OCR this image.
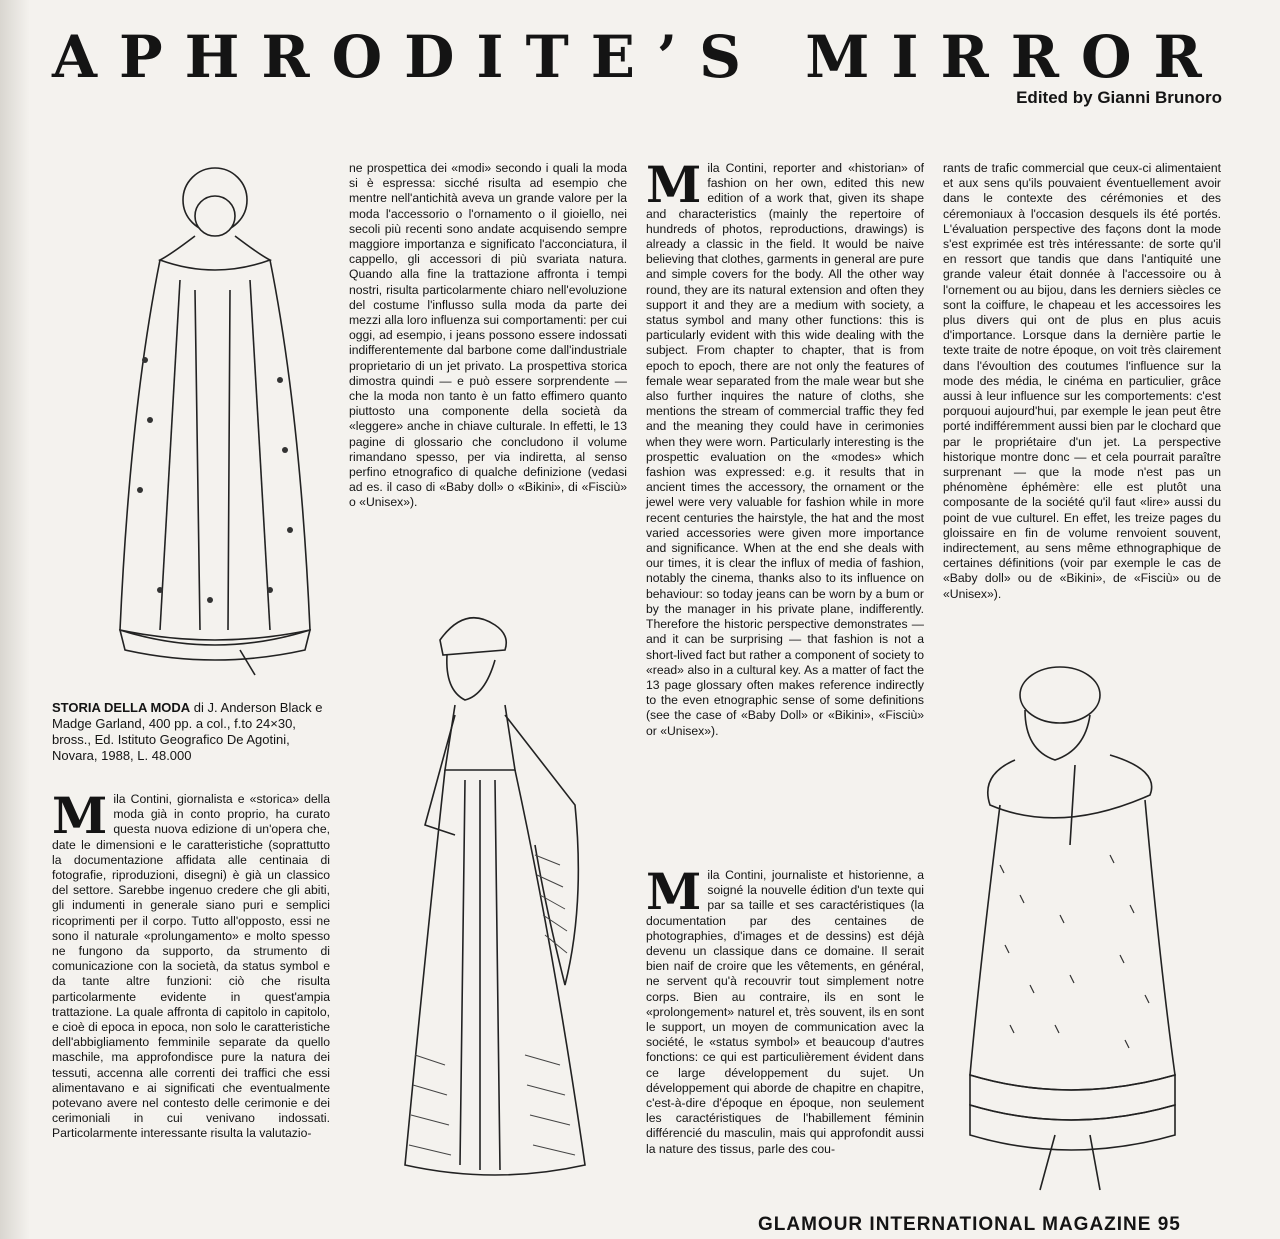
APHRODITE’S MIRROR
Edited by Gianni Brunoro
STORIA DELLA MODA di J. Anderson Black e Madge Garland, 400 pp. a col., f.to 24×30, bross., Ed. Istituto Geografico De Agotini, Novara, 1988, L. 48.000
M ila Contini, giornalista e «storica» della moda già in conto proprio, ha curato questa nuova edizione di un'opera che, date le dimensioni e le caratteristiche (soprattutto la documentazione affidata alle centinaia di fotografie, riproduzioni, disegni) è già un classico del settore. Sarebbe ingenuo credere che gli abiti, gli indumenti in generale siano puri e semplici ricoprimenti per il corpo. Tutto all'opposto, essi ne sono il naturale «prolungamento» e molto spesso ne fungono da supporto, da strumento di comunicazione con la società, da status symbol e da tante altre funzioni: ciò che risulta particolarmente evidente in quest'ampia trattazione. La quale affronta di capitolo in capitolo, e cioè di epoca in epoca, non solo le caratteristiche dell'abbigliamento femminile separate da quello maschile, ma approfondisce pure la natura dei tessuti, accenna alle correnti dei traffici che essi alimentavano e ai significati che eventualmente potevano avere nel contesto delle cerimonie e dei cerimoniali in cui venivano indossati. Particolarmente interessante risulta la valutazio-

ne prospettica dei «modi» secondo i quali la moda si è espressa: sicché risulta ad esempio che mentre nell'antichità aveva un grande valore per la moda l'accessorio o l'ornamento o il gioiello, nei secoli più recenti sono andate acquisendo sempre maggiore importanza e significato l'acconciatura, il cappello, gli accessori di più svariata natura. Quando alla fine la trattazione affronta i tempi nostri, risulta particolarmente chiaro nell'evoluzione del costume l'influsso sulla moda da parte dei mezzi alla loro influenza sui comportamenti: per cui oggi, ad esempio, i jeans possono essere indossati indifferentemente dal barbone come dall'industriale proprietario di un jet privato. La prospettiva storica dimostra quindi — e può essere sorprendente — che la moda non tanto è un fatto effimero quanto piuttosto una componente della società da «leggere» anche in chiave culturale. In effetti, le 13 pagine di glossario che concludono il volume rimandano spesso, per via indiretta, al senso perfino etnografico di qualche definizione (vedasi ad es. il caso di «Baby doll» o «Bikini», di «Fisciù» o «Unisex»).

M ila Contini, reporter and «historian» of fashion on her own, edited this new edition of a work that, given its shape and characteristics (mainly the repertoire of hundreds of photos, reproductions, drawings) is already a classic in the field. It would be naive believing that clothes, garments in general are pure and simple covers for the body. All the other way round, they are its natural extension and often they support it and they are a medium with society, a status symbol and many other functions: this is particularly evident with this wide dealing with the subject. From chapter to chapter, that is from epoch to epoch, there are not only the features of female wear separated from the male wear but she also further inquires the nature of cloths, she mentions the stream of commercial traffic they fed and the meaning they could have in cerimonies when they were worn. Particularly interesting is the prospettic evaluation on the «modes» which fashion was expressed: e.g. it results that in ancient times the accessory, the ornament or the jewel were very valuable for fashion while in more recent centuries the hairstyle, the hat and the most varied accessories were given more importance and significance. When at the end she deals with our times, it is clear the influx of media of fashion, notably the cinema, thanks also to its influence on behaviour: so today jeans can be worn by a bum or by the manager in his private plane, indifferently. Therefore the historic perspective demonstrates — and it can be surprising — that fashion is not a short-lived fact but rather a component of society to «read» also in a cultural key. As a matter of fact the 13 page glossary often makes reference indirectly to the even etnographic sense of some definitions (see the case of «Baby Doll» or «Bikini», «Fisciù» or «Unisex»).

M ila Contini, journaliste et historienne, a soigné la nouvelle édition d'un texte qui par sa taille et ses caractéristiques (la documentation par des centaines de photographies, d'images et de dessins) est déjà devenu un classique dans ce domaine. Il serait bien naif de croire que les vêtements, en général, ne servent qu'à recouvrir tout simplement notre corps. Bien au contraire, ils en sont le «prolongement» naturel et, très souvent, ils en sont le support, un moyen de communication avec la société, le «status symbol» et beaucoup d'autres fonctions: ce qui est particulièrement évident dans ce large développement du sujet. Un développement qui aborde de chapitre en chapitre, c'est-à-dire d'époque en époque, non seulement les caractéristiques de l'habillement féminin différencié du masculin, mais qui approfondit aussi la nature des tissus, parle des cou-

rants de trafic commercial que ceux-ci alimentaient et aux sens qu'ils pouvaient éventuellement avoir dans le contexte des cérémonies et des céremoniaux à l'occasion desquels ils été portés. L'évaluation perspective des façons dont la mode s'est exprimée est très intéressante: de sorte qu'il en ressort que tandis que dans l'antiquité une grande valeur était donnée à l'accessoire ou à l'ornement ou au bijou, dans les derniers siècles ce sont la coiffure, le chapeau et les accessoires les plus divers qui ont de plus en plus acuis d'importance. Lorsque dans la dernière partie le texte traite de notre époque, on voit très clairement dans l'évoultion des coutumes l'influence sur la mode des média, le cinéma en particulier, grâce aussi à leur influence sur les comportements: c'est porquoui aujourd'hui, par exemple le jean peut être porté indifféremment aussi bien par le clochard que par le propriétaire d'un jet. La perspective historique montre donc — et cela pourrait paraître surprenant — que la mode n'est pas un phénomène éphémère: elle est plutôt una composante de la société qu'il faut «lire» aussi du point de vue culturel. En effet, les treize pages du gloissaire en fin de volume renvoient souvent, indirectement, au sens même ethnographique de certaines définitions (voir par exemple le cas de «Baby doll» ou de «Bikini», de «Fisciù» ou de «Unisex»).

GLAMOUR INTERNATIONAL MAGAZINE 95
